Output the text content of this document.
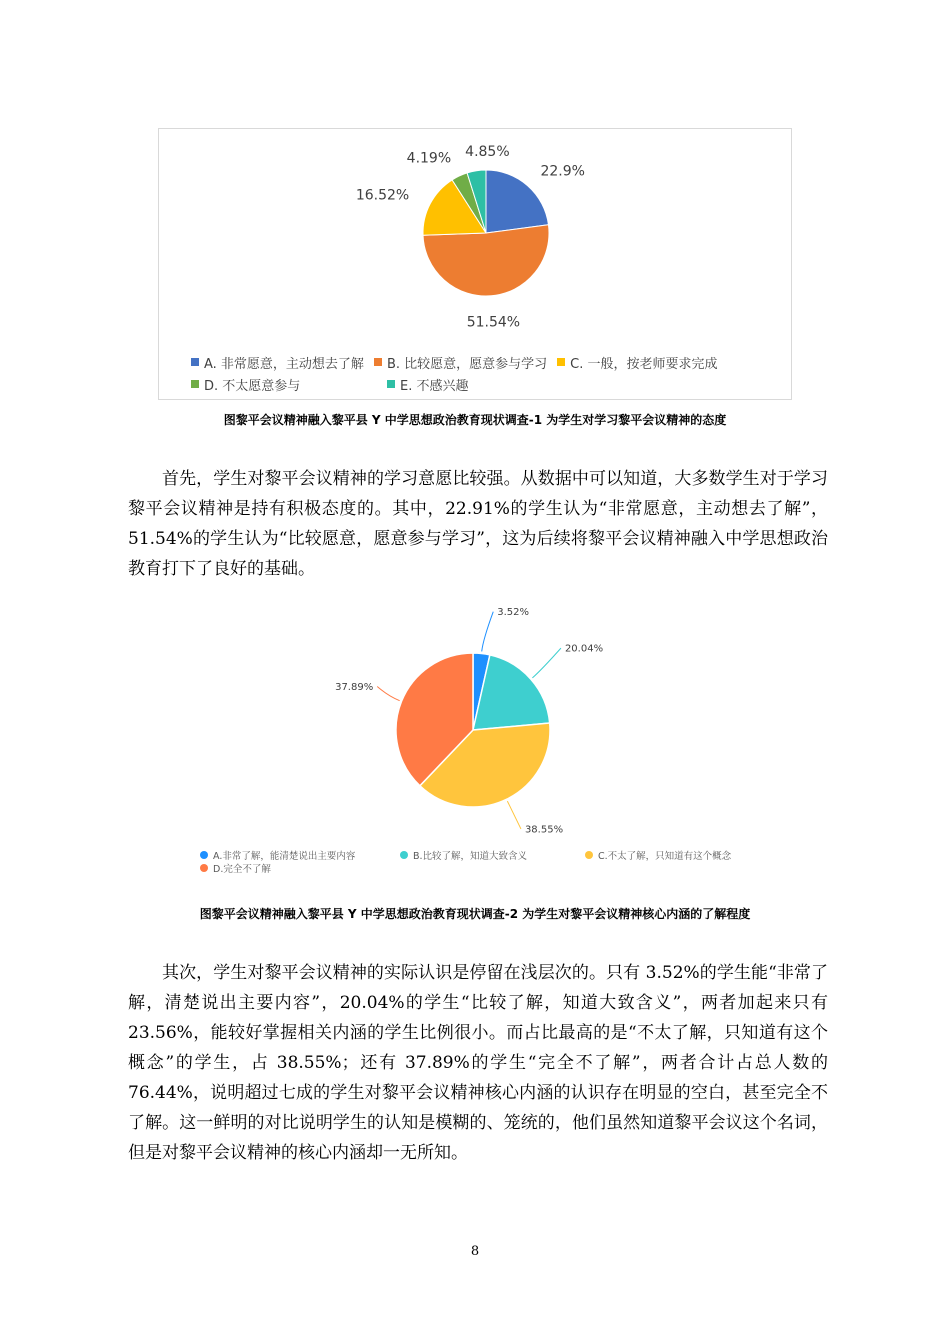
22.9%
51.54%
16.52%
4.19% 4.85%
A. 非常愿意，主动想去了解 B. 比较愿意，愿意参与学习 C. 一般，按老师要求完成
D. 不太愿意参与	E. 不感兴趣
图黎平会议精神融入黎平县 Y 中学思想政治教育现状调查-1 为学生对学习黎平会议精神的态度

首先，学生对黎平会议精神的学习意愿比较强。从数据中可以知道，大多数学生对于学习黎平会议精神是持有积极态度的。其中，22.91%的学生认为“非常愿意，主动想去了解”，51.54%的学生认为“比较愿意，愿意参与学习”，这为后续将黎平会议精神融入中学思想政治教育打下了良好的基础。

3.52%
20.04%
38.55%
37.89%
A.非常了解，能清楚说出主要内容	B.比较了解，知道大致含义	C.不太了解，只知道有这个概念
D.完全不了解
图黎平会议精神融入黎平县 Y 中学思想政治教育现状调查-2 为学生对黎平会议精神核心内涵的了解程度

其次，学生对黎平会议精神的实际认识是停留在浅层次的。只有 3.52%的学生能“非常了解，清楚说出主要内容”，20.04%的学生“比较了解，知道大致含义”，两者加起来只有 23.56%，能较好掌握相关内涵的学生比例很小。而占比最高的是“不太了解，只知道有这个概念”的学生，占 38.55%；还有 37.89%的学生“完全不了解”，两者合计占总人数的 76.44%，说明超过七成的学生对黎平会议精神核心内涵的认识存在明显的空白，甚至完全不了解。这一鲜明的对比说明学生的认知是模糊的、笼统的，他们虽然知道黎平会议这个名词，但是对黎平会议精神的核心内涵却一无所知。

8
